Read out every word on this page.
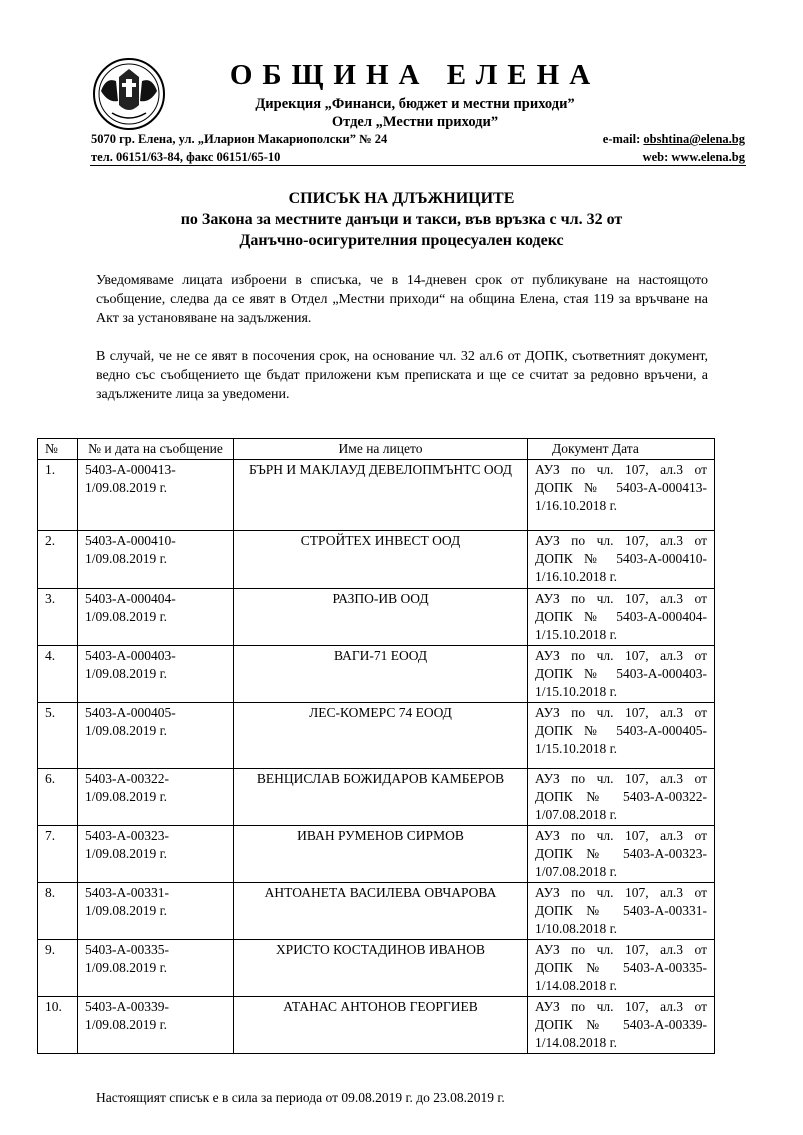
ОБЩИНА ЕЛЕНА
Дирекция „Финанси, бюджет и местни приходи”
Отдел „Местни приходи”
5070 гр. Елена, ул. „Иларион Макариополски” № 24	e-mail: obshtina@elena.bg
тел. 06151/63-84, факс 06151/65-10	web: www.elena.bg
СПИСЪК НА ДЛЪЖНИЦИТЕ
по Закона за местните данъци и такси, във връзка с чл. 32 от
Данъчно-осигурителния процесуален кодекс
Уведомяваме лицата изброени в списъка, че в 14-дневен срок от публикуване на настоящото съобщение, следва да се явят в Отдел „Местни приходи“ на община Елена, стая 119 за връчване на Акт за установяване на задължения.
В случай, че не се явят в посочения срок, на основание чл. 32 ал.6 от ДОПК, съответният документ, ведно със съобщението ще бъдат приложени към преписката и ще се считат за редовно връчени, а задължените лица за уведомени.
№	№ и дата на съобщение	Име на лицето	Документ Дата
1.	5403-А-000413-1/09.08.2019 г.	БЪРН И МАКЛАУД ДЕВЕЛОПМЪНТС ООД	АУЗ по чл. 107, ал.3 от ДОПК № 5403-А-000413-1/16.10.2018 г.
2.	5403-А-000410-1/09.08.2019 г.	СТРОЙТЕХ ИНВЕСТ ООД	АУЗ по чл. 107, ал.3 от ДОПК № 5403-А-000410-1/16.10.2018 г.
3.	5403-А-000404-1/09.08.2019 г.	РАЗПО-ИВ ООД	АУЗ по чл. 107, ал.3 от ДОПК № 5403-А-000404-1/15.10.2018 г.
4.	5403-А-000403-1/09.08.2019 г.	ВАГИ-71 ЕООД	АУЗ по чл. 107, ал.3 от ДОПК № 5403-А-000403-1/15.10.2018 г.
5.	5403-А-000405-1/09.08.2019 г.	ЛЕС-КОМЕРС 74 ЕООД	АУЗ по чл. 107, ал.3 от ДОПК № 5403-А-000405-1/15.10.2018 г.
6.	5403-А-00322-1/09.08.2019 г.	ВЕНЦИСЛАВ БОЖИДАРОВ КАМБЕРОВ	АУЗ по чл. 107, ал.3 от ДОПК № 5403-А-00322-1/07.08.2018 г.
7.	5403-А-00323-1/09.08.2019 г.	ИВАН РУМЕНОВ СИРМОВ	АУЗ по чл. 107, ал.3 от ДОПК № 5403-А-00323-1/07.08.2018 г.
8.	5403-А-00331-1/09.08.2019 г.	АНТОАНЕТА ВАСИЛЕВА ОВЧАРОВА	АУЗ по чл. 107, ал.3 от ДОПК № 5403-А-00331-1/10.08.2018 г.
9.	5403-А-00335-1/09.08.2019 г.	ХРИСТО КОСТАДИНОВ ИВАНОВ	АУЗ по чл. 107, ал.3 от ДОПК № 5403-А-00335-1/14.08.2018 г.
10.	5403-А-00339-1/09.08.2019 г.	АТАНАС АНТОНОВ ГЕОРГИЕВ	АУЗ по чл. 107, ал.3 от ДОПК № 5403-А-00339-1/14.08.2018 г.
Настоящият списък е в сила за периода от 09.08.2019 г. до 23.08.2019 г.
